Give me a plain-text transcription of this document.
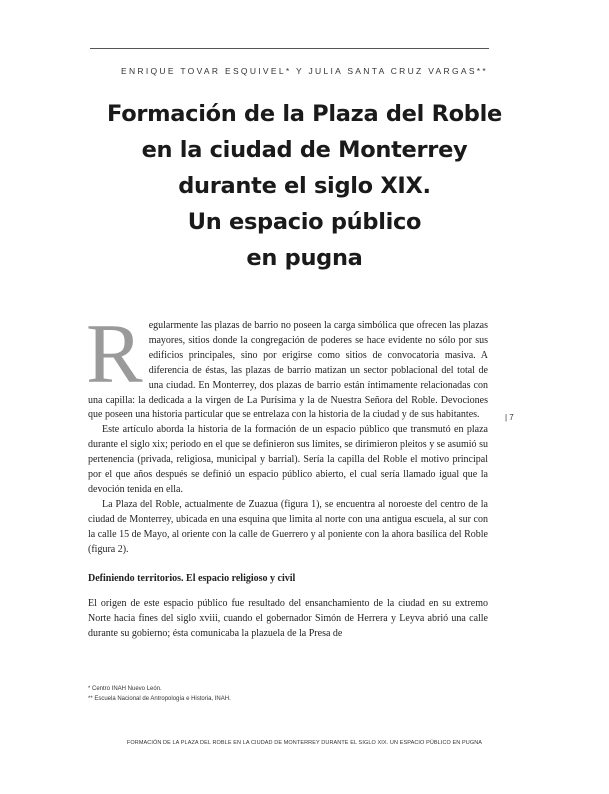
ENRIQUE TOVAR ESQUIVEL* Y JULIA SANTA CRUZ VARGAS**
Formación de la Plaza del Roble
en la ciudad de Monterrey
durante el siglo XIX.
Un espacio público
en pugna

Regularmente las plazas de barrio no poseen la carga simbólica que ofrecen las plazas mayores, sitios donde la congregación de poderes se hace evidente no sólo por sus edificios principales, sino por erigirse como sitios de convocatoria masiva. A diferencia de éstas, las plazas de barrio matizan un sector poblacional del total de una ciudad. En Monterrey, dos plazas de barrio están íntimamente relacionadas con una capilla: la dedicada a la virgen de La Purísima y la de Nuestra Señora del Roble. Devociones que poseen una historia particular que se entrelaza con la historia de la ciudad y de sus habitantes.

Este artículo aborda la historia de la formación de un espacio público que transmutó en plaza durante el siglo xix; periodo en el que se definieron sus límites, se dirimieron pleitos y se asumió su pertenencia (privada, religiosa, municipal y barrial). Sería la capilla del Roble el motivo principal por el que años después se definió un espacio público abierto, el cual sería llamado igual que la devoción tenida en ella.

La Plaza del Roble, actualmente de Zuazua (figura 1), se encuentra al noroeste del centro de la ciudad de Monterrey, ubicada en una esquina que limita al norte con una antigua escuela, al sur con la calle 15 de Mayo, al oriente con la calle de Guerrero y al poniente con la ahora basílica del Roble (figura 2).

Definiendo territorios. El espacio religioso y civil

El origen de este espacio público fue resultado del ensanchamiento de la ciudad en su extremo Norte hacia fines del siglo xviii, cuando el gobernador Simón de Herrera y Leyva abrió una calle durante su gobierno; ésta comunicaba la plazuela de la Presa de

| 7
* Centro INAH Nuevo León.
** Escuela Nacional de Antropología e Historia, INAH.
FORMACIÓN DE LA PLAZA DEL ROBLE EN LA CIUDAD DE MONTERREY DURANTE EL SIGLO XIX. UN ESPACIO PÚBLICO EN PUGNA
